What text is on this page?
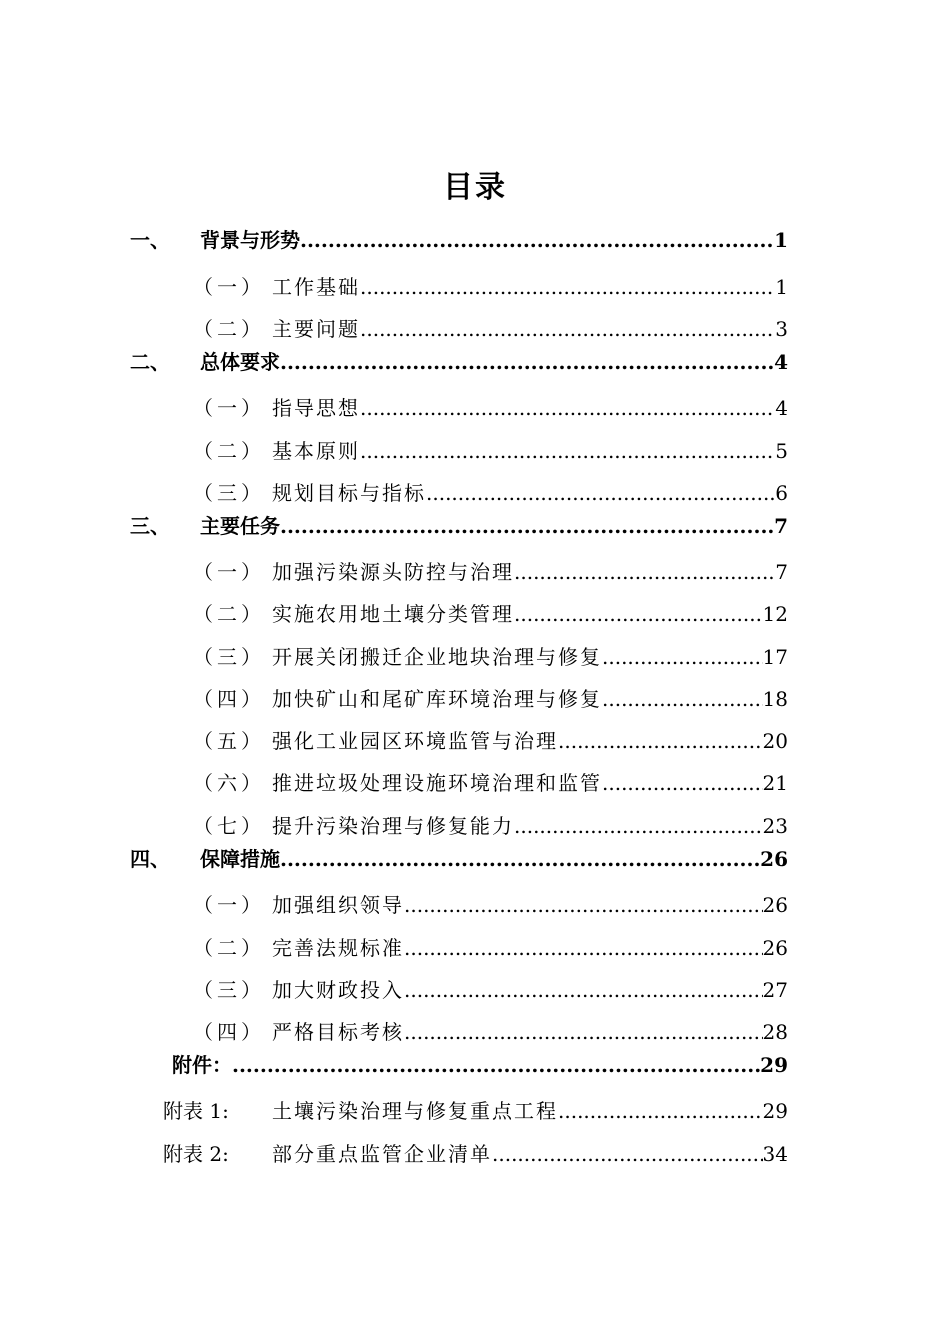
目录
一、 背景与形势 .....	1
（一） 工作基础 .....	1
（二） 主要问题 .....	3
二、 总体要求 .....	4
（一） 指导思想 .....	4
（二） 基本原则 .....	5
（三） 规划目标与指标 .....	6
三、 主要任务 .....	7
（一） 加强污染源头防控与治理 .....	7
（二） 实施农用地土壤分类管理 .....	12
（三） 开展关闭搬迁企业地块治理与修复 .....	17
（四） 加快矿山和尾矿库环境治理与修复 .....	18
（五） 强化工业园区环境监管与治理 .....	20
（六） 推进垃圾处理设施环境治理和监管 .....	21
（七） 提升污染治理与修复能力 .....	23
四、 保障措施 .....	26
（一） 加强组织领导 .....	26
（二） 完善法规标准 .....	26
（三） 加大财政投入 .....	27
（四） 严格目标考核 .....	28
附件： .....	29
附表 1: 土壤污染治理与修复重点工程 .....	29
附表 2: 部分重点监管企业清单 .....	34
